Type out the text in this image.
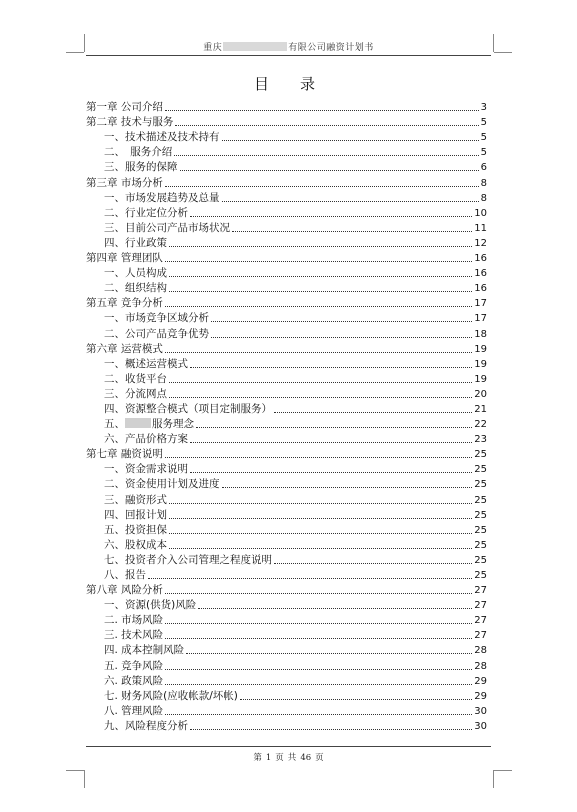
重庆	有限公司融资计划书
目　录
第一章 公司介绍	3
第二章 技术与服务	5
一、技术描述及技术持有	5
二、　服务介绍	5
三、服务的保障	6
第三章 市场分析	8
一、市场发展趋势及总量	8
二、行业定位分析	10
三、目前公司产品市场状况	11
四、行业政策	12
第四章 管理团队	16
一、人员构成	16
二、组织结构	16
第五章 竞争分析	17
一、市场竞争区域分析	17
二、公司产品竞争优势	18
第六章 运营模式	19
一、概述运营模式	19
二、收货平台	19
三、分流网点	20
四、资源整合模式（项目定制服务）	21
五、	服务理念	22
六、产品价格方案	23
第七章 融资说明	25
一、资金需求说明	25
二、资金使用计划及进度	25
三、融资形式	25
四、回报计划	25
五、投资担保	25
六、股权成本	25
七、投资者介入公司管理之程度说明	25
八、报告	25
第八章 风险分析	27
一、资源(供货)风险	27
二. 市场风险	27
三. 技术风险	27
四. 成本控制风险	28
五. 竞争风险	28
六. 政策风险	29
七. 财务风险(应收帐款/坏帐)	29
八. 管理风险	30
九、风险程度分析	30
第 1 页 共 46 页
